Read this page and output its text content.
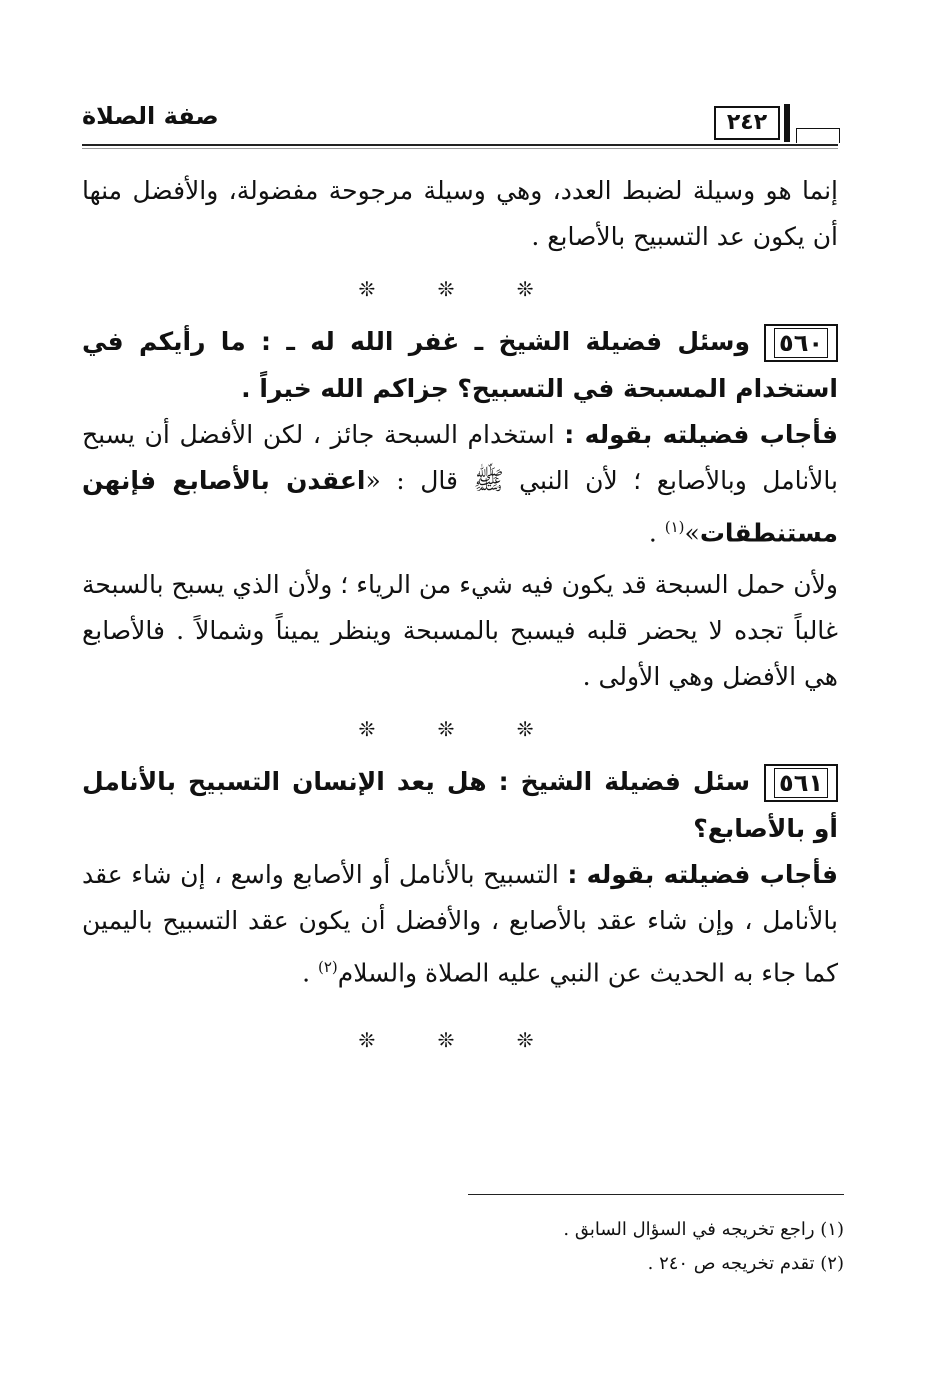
صفة الصلاة	٢٤٢

إنما هو وسيلة لضبط العدد، وهي وسيلة مرجوحة مفضولة، والأفضل منها أن يكون عد التسبيح بالأصابع .

❊ ❊ ❊

٥٦٠وسئل فضيلة الشيخ ـ غفر الله له ـ : ما رأيكم في استخدام المسبحة في التسبيح؟ جزاكم الله خيراً .

فأجاب فضيلته بقوله : استخدام السبحة جائز ، لكن الأفضل أن يسبح بالأنامل وبالأصابع ؛ لأن النبي ﷺ قال : «اعقدن بالأصابع فإنهن مستنطقات»$^{(١)}$ .

ولأن حمل السبحة قد يكون فيه شيء من الرياء ؛ ولأن الذي يسبح بالسبحة غالباً تجده لا يحضر قلبه فيسبح بالمسبحة وينظر يميناً وشمالاً . فالأصابع هي الأفضل وهي الأولى .

❊ ❊ ❊

٥٦١سئل فضيلة الشيخ : هل يعد الإنسان التسبيح بالأنامل أو بالأصابع؟

فأجاب فضيلته بقوله : التسبيح بالأنامل أو الأصابع واسع ، إن شاء عقد بالأنامل ، وإن شاء عقد بالأصابع ، والأفضل أن يكون عقد التسبيح باليمين كما جاء به الحديث عن النبي عليه الصلاة والسلام$^{(٢)}$ .

❊ ❊ ❊

(١) راجع تخريجه في السؤال السابق .

(٢) تقدم تخريجه ص ٢٤٠ .
